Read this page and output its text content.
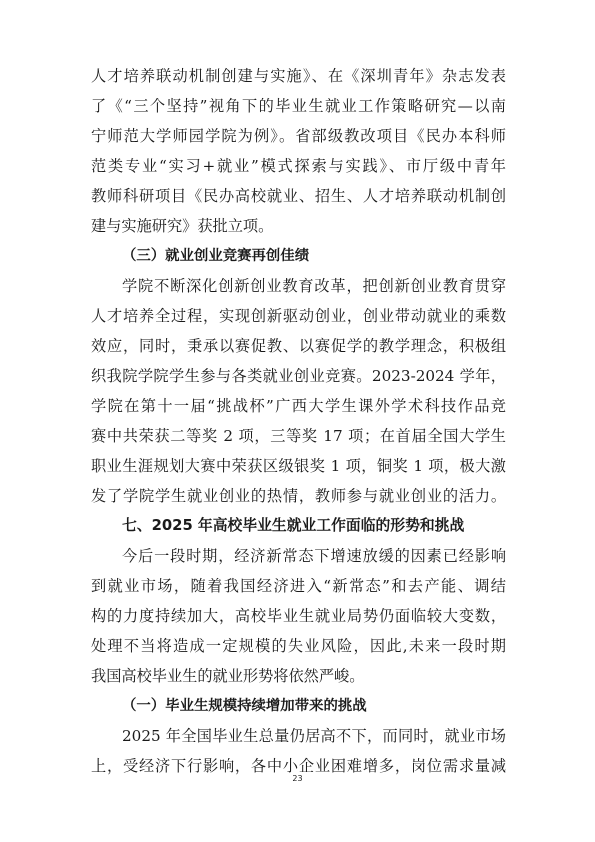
人才培养联动机制创建与实施》、在《深圳青年》杂志发表
了《“三个坚持”视角下的毕业生就业工作策略研究—以南
宁师范大学师园学院为例》。省部级教改项目《民办本科师
范类专业“实习+就业”模式探索与实践》、市厅级中青年
教师科研项目《民办高校就业、招生、人才培养联动机制创
建与实施研究》获批立项。
（三）就业创业竞赛再创佳绩
学院不断深化创新创业教育改革，把创新创业教育贯穿
人才培养全过程，实现创新驱动创业，创业带动就业的乘数
效应，同时，秉承以赛促教、以赛促学的教学理念，积极组
织我院学院学生参与各类就业创业竞赛。2023-2024 学年，
学院在第十一届“挑战杯”广西大学生课外学术科技作品竞
赛中共荣获二等奖 2 项，三等奖 17 项；在首届全国大学生
职业生涯规划大赛中荣获区级银奖 1 项，铜奖 1 项，极大激
发了学院学生就业创业的热情，教师参与就业创业的活力。
七、2025 年高校毕业生就业工作面临的形势和挑战
今后一段时期，经济新常态下增速放缓的因素已经影响
到就业市场，随着我国经济进入“新常态”和去产能、调结
构的力度持续加大，高校毕业生就业局势仍面临较大变数，
处理不当将造成一定规模的失业风险，因此,未来一段时期
我国高校毕业生的就业形势将依然严峻。
（一）毕业生规模持续增加带来的挑战
2025 年全国毕业生总量仍居高不下，而同时，就业市场
上，受经济下行影响，各中小企业困难增多，岗位需求量减
23
